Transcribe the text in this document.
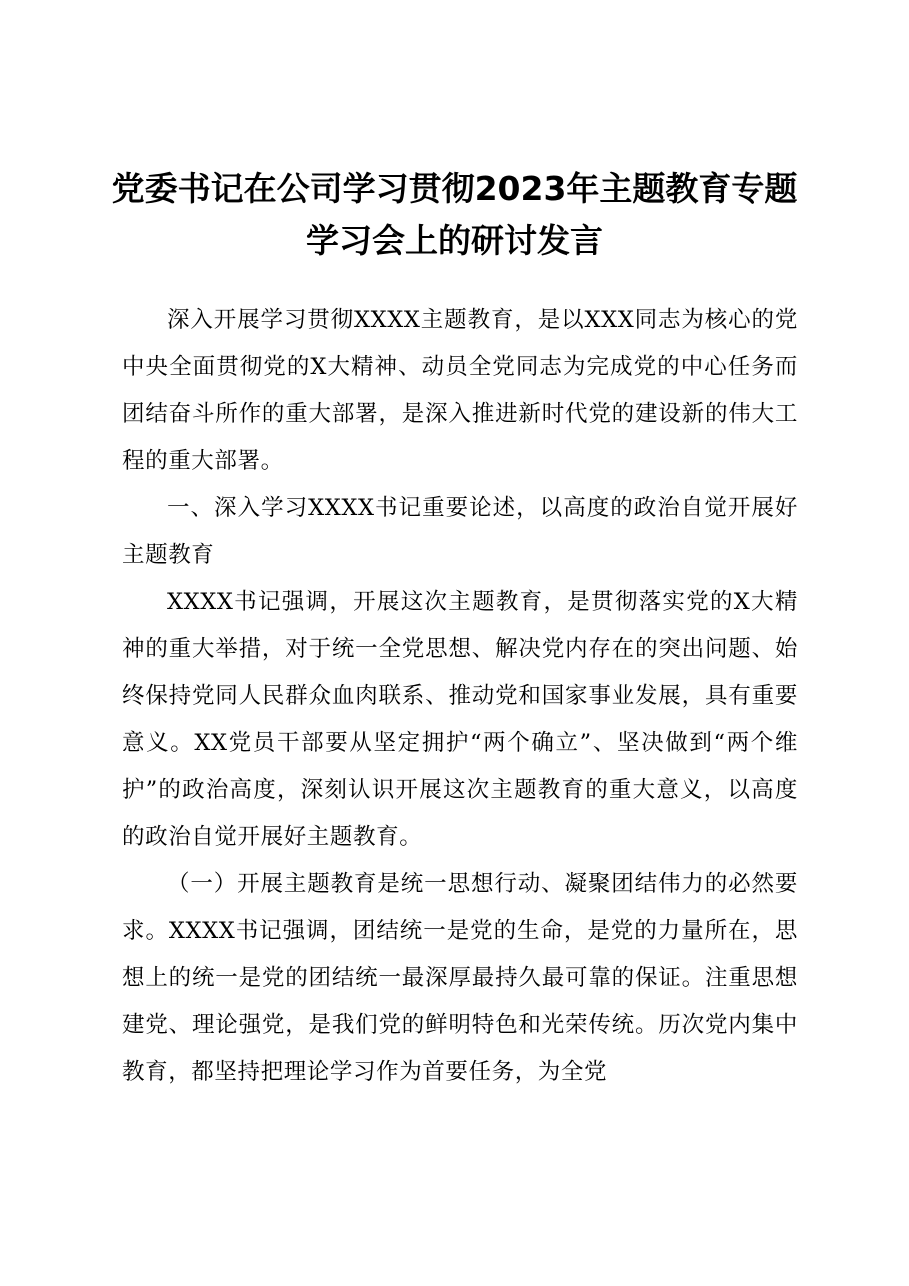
党委书记在公司学习贯彻2023年主题教育专题学习会上的研讨发言

深入开展学习贯彻XXXX主题教育，是以XXX同志为核心的党中央全面贯彻党的X大精神、动员全党同志为完成党的中心任务而团结奋斗所作的重大部署，是深入推进新时代党的建设新的伟大工程的重大部署。

一、深入学习XXXX书记重要论述，以高度的政治自觉开展好主题教育

XXXX书记强调，开展这次主题教育，是贯彻落实党的X大精神的重大举措，对于统一全党思想、解决党内存在的突出问题、始终保持党同人民群众血肉联系、推动党和国家事业发展，具有重要意义。XX党员干部要从坚定拥护“两个确立”、坚决做到“两个维护”的政治高度，深刻认识开展这次主题教育的重大意义，以高度的政治自觉开展好主题教育。

（一）开展主题教育是统一思想行动、凝聚团结伟力的必然要求。XXXX书记强调，团结统一是党的生命，是党的力量所在，思想上的统一是党的团结统一最深厚最持久最可靠的保证。注重思想建党、理论强党，是我们党的鲜明特色和光荣传统。历次党内集中教育，都坚持把理论学习作为首要任务，为全党
